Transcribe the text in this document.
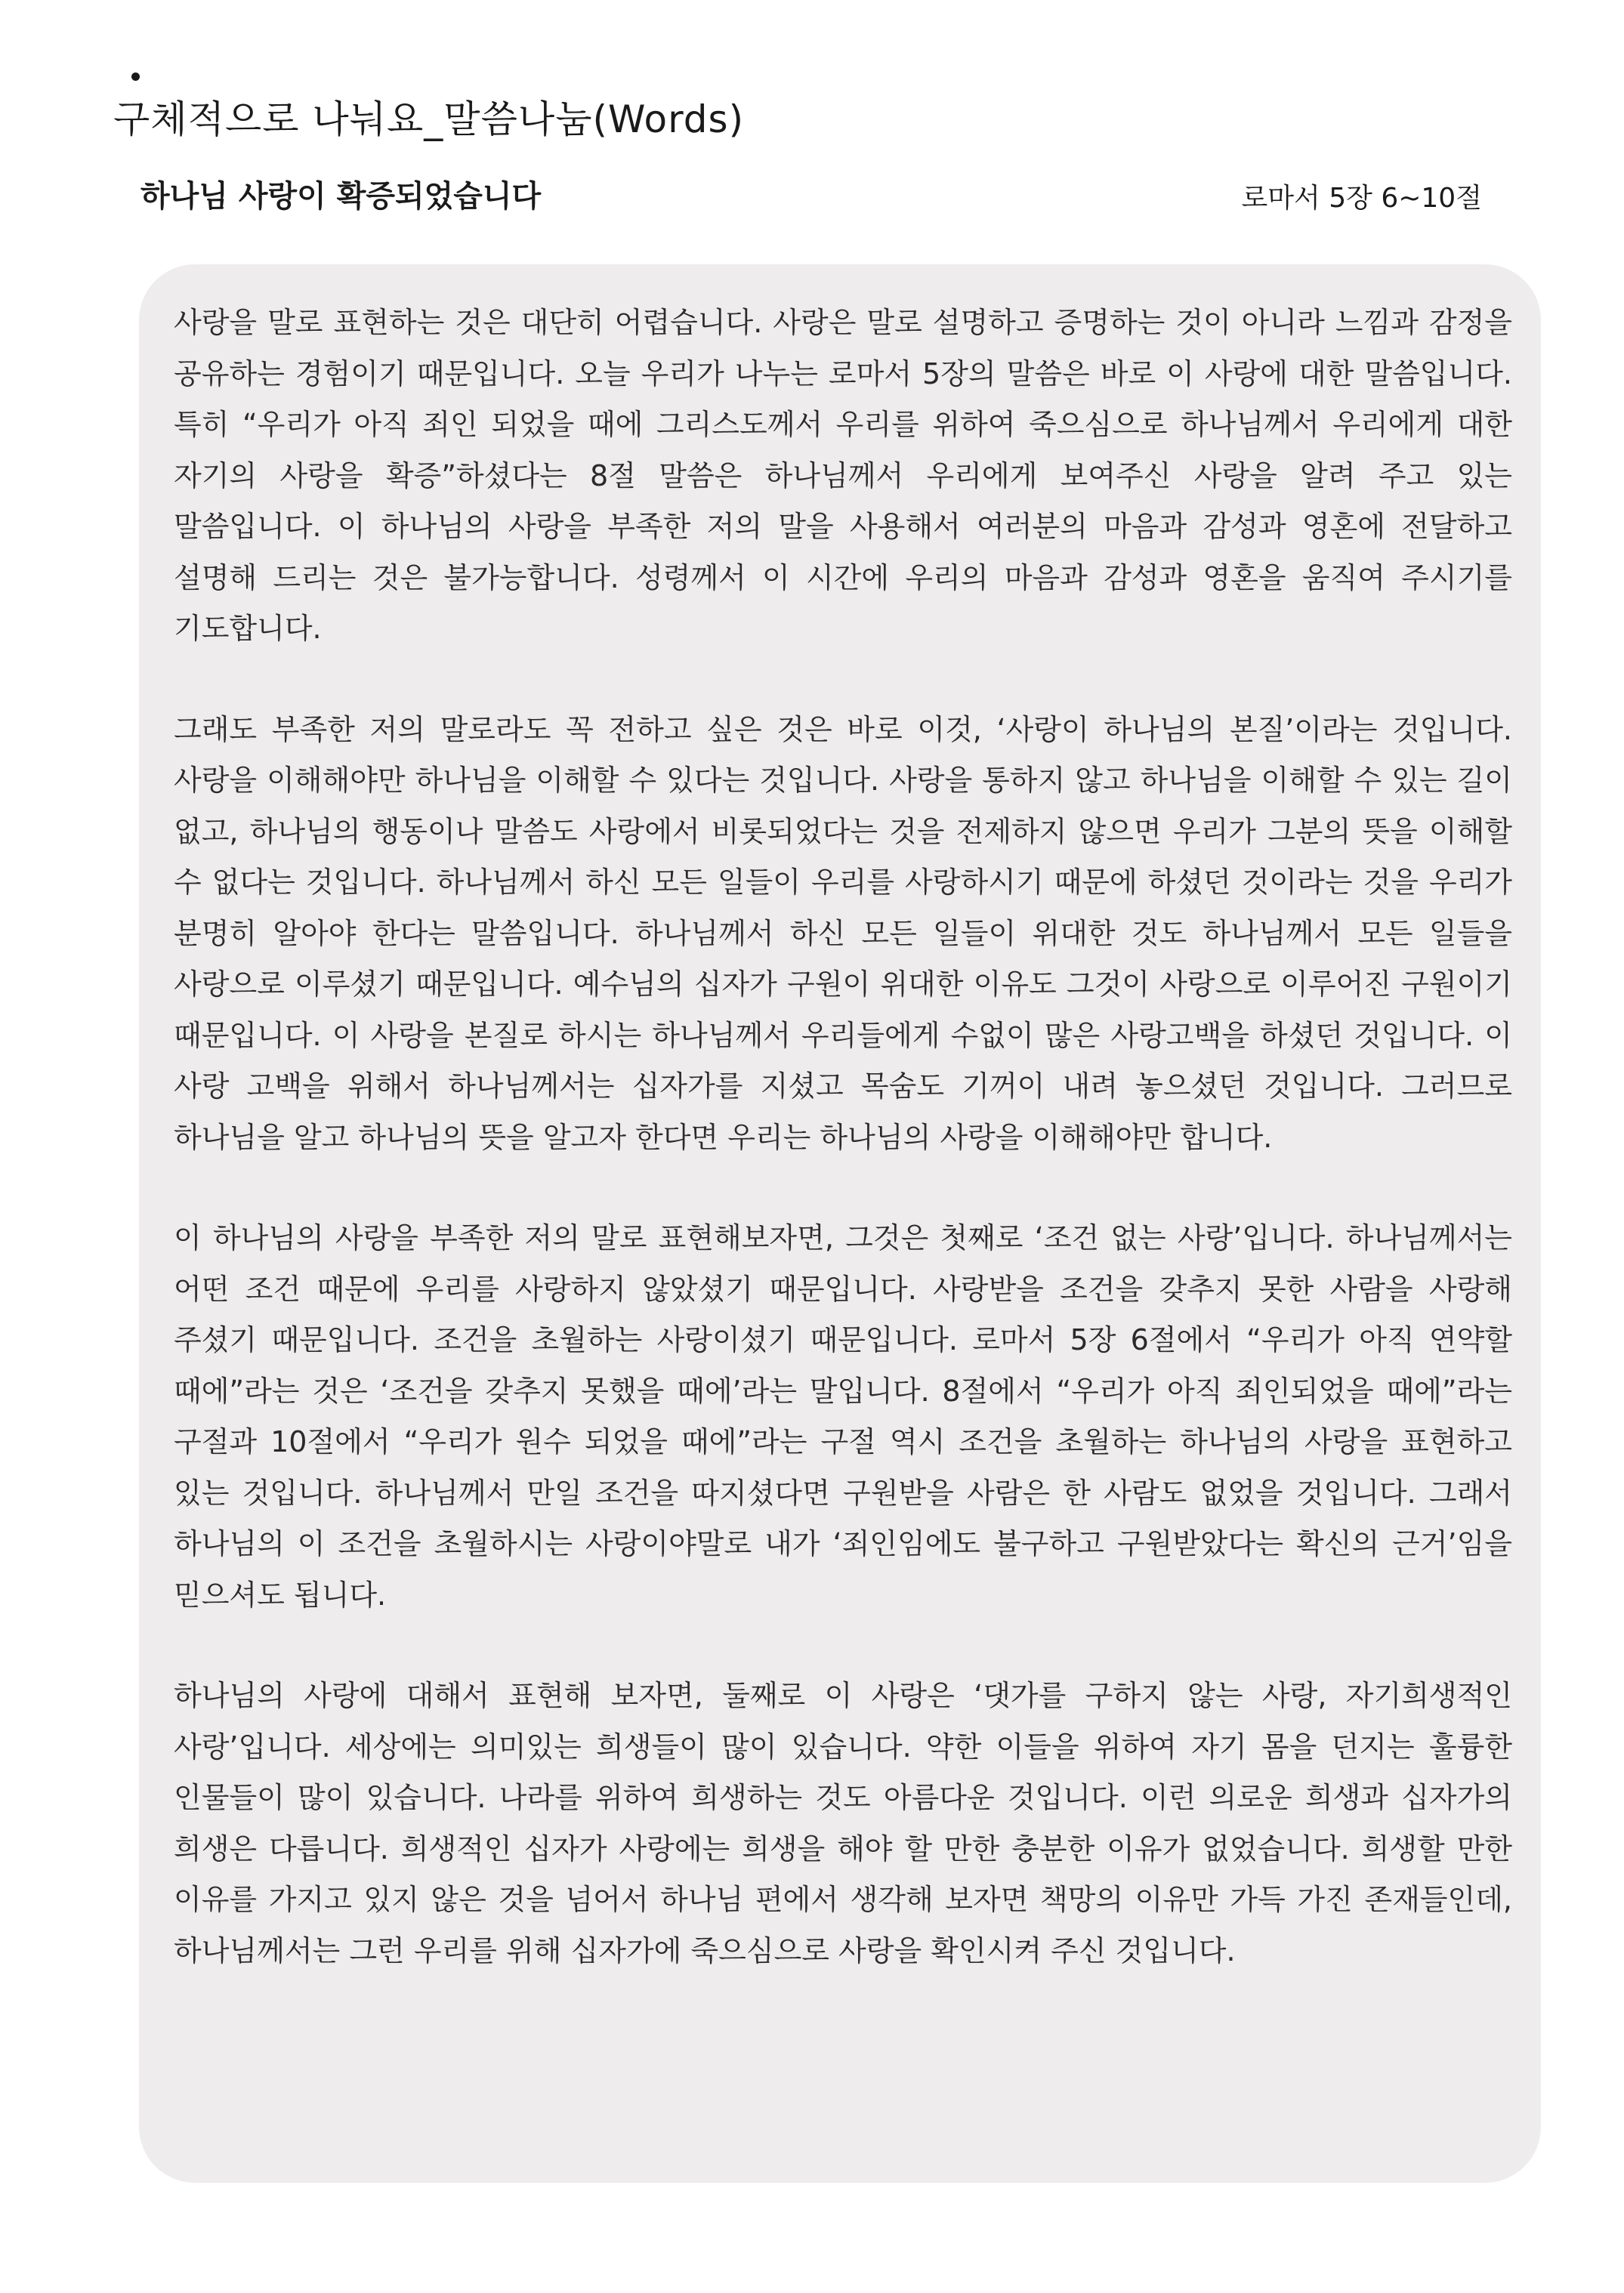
구체적으로 나눠요_말씀나눔(Words)
하나님 사랑이 확증되었습니다	로마서 5장 6~10절

사랑을 말로 표현하는 것은 대단히 어렵습니다. 사랑은 말로 설명하고 증명하는 것이 아니라 느낌과 감정을 공유하는 경험이기 때문입니다. 오늘 우리가 나누는 로마서 5장의 말씀은 바로 이 사랑에 대한 말씀입니다. 특히 “우리가 아직 죄인 되었을 때에 그리스도께서 우리를 위하여 죽으심으로 하나님께서 우리에게 대한 자기의 사랑을 확증”하셨다는 8절 말씀은 하나님께서 우리에게 보여주신 사랑을 알려 주고 있는 말씀입니다. 이 하나님의 사랑을 부족한 저의 말을 사용해서 여러분의 마음과 감성과 영혼에 전달하고 설명해 드리는 것은 불가능합니다. 성령께서 이 시간에 우리의 마음과 감성과 영혼을 움직여 주시기를 기도합니다.

그래도 부족한 저의 말로라도 꼭 전하고 싶은 것은 바로 이것, ‘사랑이 하나님의 본질’이라는 것입니다. 사랑을 이해해야만 하나님을 이해할 수 있다는 것입니다. 사랑을 통하지 않고 하나님을 이해할 수 있는 길이 없고, 하나님의 행동이나 말씀도 사랑에서 비롯되었다는 것을 전제하지 않으면 우리가 그분의 뜻을 이해할 수 없다는 것입니다. 하나님께서 하신 모든 일들이 우리를 사랑하시기 때문에 하셨던 것이라는 것을 우리가 분명히 알아야 한다는 말씀입니다. 하나님께서 하신 모든 일들이 위대한 것도 하나님께서 모든 일들을 사랑으로 이루셨기 때문입니다. 예수님의 십자가 구원이 위대한 이유도 그것이 사랑으로 이루어진 구원이기 때문입니다. 이 사랑을 본질로 하시는 하나님께서 우리들에게 수없이 많은 사랑고백을 하셨던 것입니다. 이 사랑 고백을 위해서 하나님께서는 십자가를 지셨고 목숨도 기꺼이 내려 놓으셨던 것입니다. 그러므로 하나님을 알고 하나님의 뜻을 알고자 한다면 우리는 하나님의 사랑을 이해해야만 합니다.

이 하나님의 사랑을 부족한 저의 말로 표현해보자면, 그것은 첫째로 ‘조건 없는 사랑’입니다. 하나님께서는 어떤 조건 때문에 우리를 사랑하지 않았셨기 때문입니다. 사랑받을 조건을 갖추지 못한 사람을 사랑해 주셨기 때문입니다. 조건을 초월하는 사랑이셨기 때문입니다. 로마서 5장 6절에서 “우리가 아직 연약할 때에”라는 것은 ‘조건을 갖추지 못했을 때에’라는 말입니다. 8절에서 “우리가 아직 죄인되었을 때에”라는 구절과 10절에서 “우리가 원수 되었을 때에”라는 구절 역시 조건을 초월하는 하나님의 사랑을 표현하고 있는 것입니다. 하나님께서 만일 조건을 따지셨다면 구원받을 사람은 한 사람도 없었을 것입니다. 그래서 하나님의 이 조건을 초월하시는 사랑이야말로 내가 ‘죄인임에도 불구하고 구원받았다는 확신의 근거’임을 믿으셔도 됩니다.

하나님의 사랑에 대해서 표현해 보자면, 둘째로 이 사랑은 ‘댓가를 구하지 않는 사랑, 자기희생적인 사랑’입니다. 세상에는 의미있는 희생들이 많이 있습니다. 약한 이들을 위하여 자기 몸을 던지는 훌륭한 인물들이 많이 있습니다. 나라를 위하여 희생하는 것도 아름다운 것입니다. 이런 의로운 희생과 십자가의 희생은 다릅니다. 희생적인 십자가 사랑에는 희생을 해야 할 만한 충분한 이유가 없었습니다. 희생할 만한 이유를 가지고 있지 않은 것을 넘어서 하나님 편에서 생각해 보자면 책망의 이유만 가득 가진 존재들인데, 하나님께서는 그런 우리를 위해 십자가에 죽으심으로 사랑을 확인시켜 주신 것입니다.
